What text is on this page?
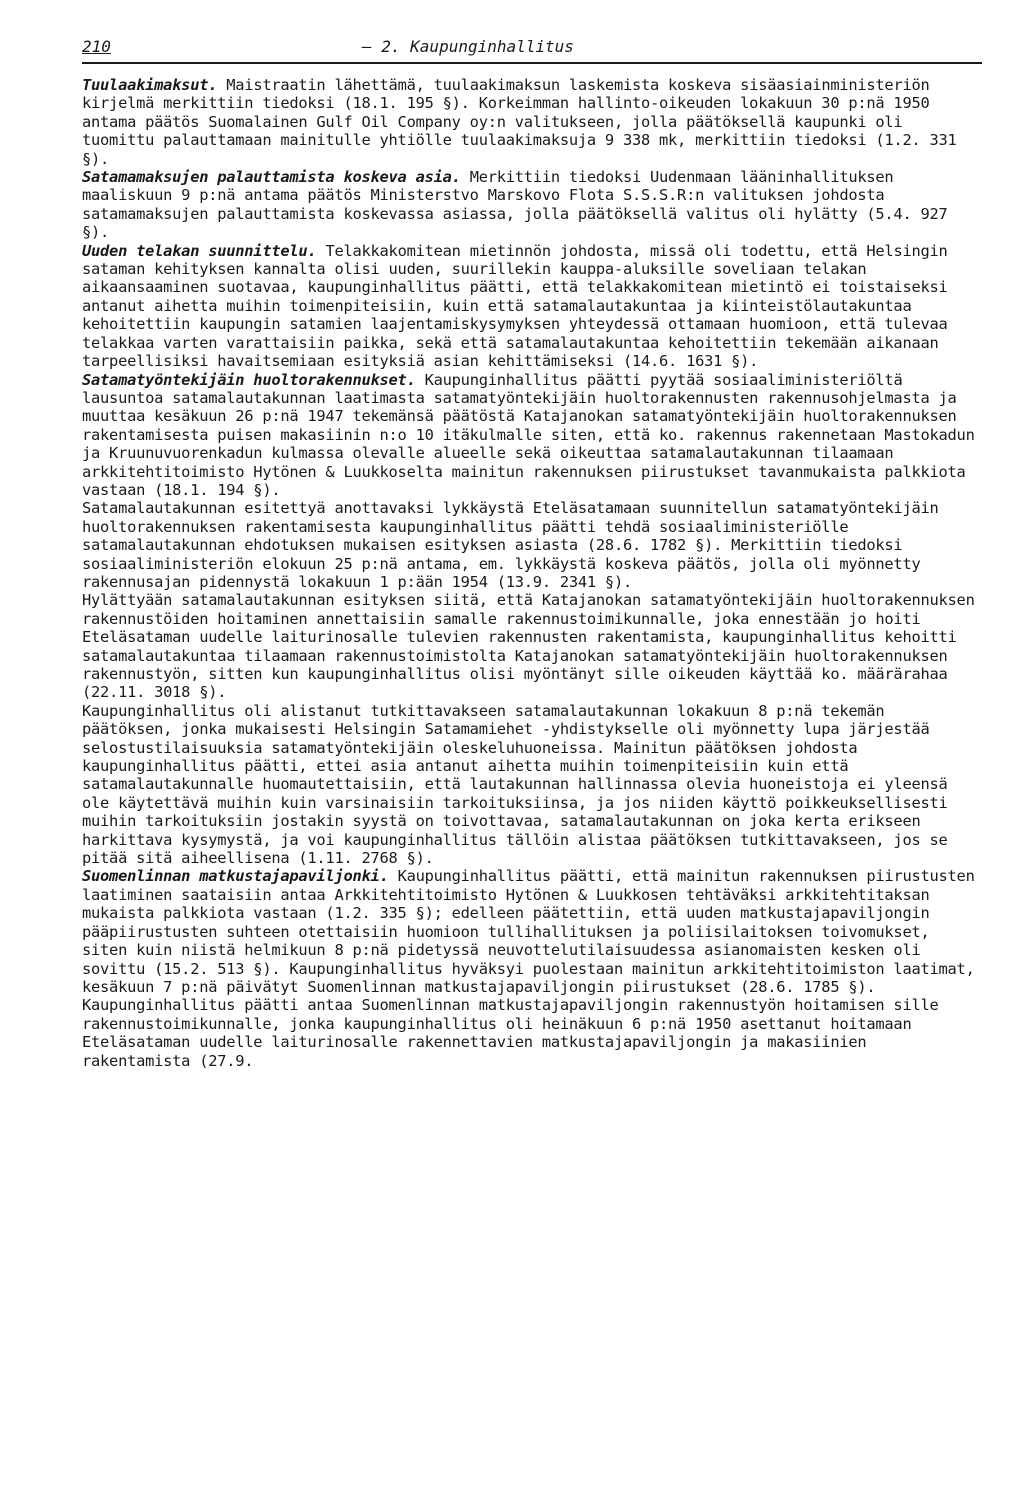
210	– 2. Kaupunginhallitus

Tuulaakimaksut. Maistraatin lähettämä, tuulaakimaksun laskemista koskeva sisäasiainministeriön kirjelmä merkittiin tiedoksi (18.1. 195 §). Korkeimman hallinto-oikeuden lokakuun 30 p:nä 1950 antama päätös Suomalainen Gulf Oil Company oy:n valitukseen, jolla päätöksellä kaupunki oli tuomittu palauttamaan mainitulle yhtiölle tuulaakimaksuja 9 338 mk, merkittiin tiedoksi (1.2. 331 §).

Satamamaksujen palauttamista koskeva asia. Merkittiin tiedoksi Uudenmaan lääninhallituksen maaliskuun 9 p:nä antama päätös Ministerstvo Marskovo Flota S.S.S.R:n valituksen johdosta satamamaksujen palauttamista koskevassa asiassa, jolla päätöksellä valitus oli hylätty (5.4. 927 §).

Uuden telakan suunnittelu. Telakkakomitean mietinnön johdosta, missä oli todettu, että Helsingin sataman kehityksen kannalta olisi uuden, suurillekin kauppa-aluksille soveliaan telakan aikaansaaminen suotavaa, kaupunginhallitus päätti, että telakkakomitean mietintö ei toistaiseksi antanut aihetta muihin toimenpiteisiin, kuin että satamalautakuntaa ja kiinteistölautakuntaa kehoitettiin kaupungin satamien laajentamiskysymyksen yhteydessä ottamaan huomioon, että tulevaa telakkaa varten varattaisiin paikka, sekä että satamalautakuntaa kehoitettiin tekemään aikanaan tarpeellisiksi havaitsemiaan esityksiä asian kehittämiseksi (14.6. 1631 §).

Satamatyöntekijäin huoltorakennukset. Kaupunginhallitus päätti pyytää sosiaaliministeriöltä lausuntoa satamalautakunnan laatimasta satamatyöntekijäin huoltorakennusten rakennusohjelmasta ja muuttaa kesäkuun 26 p:nä 1947 tekemänsä päätöstä Katajanokan satamatyöntekijäin huoltorakennuksen rakentamisesta puisen makasiinin n:o 10 itäkulmalle siten, että ko. rakennus rakennetaan Mastokadun ja Kruunuvuorenkadun kulmassa olevalle alueelle sekä oikeuttaa satamalautakunnan tilaamaan arkkitehtitoimisto Hytönen & Luukkoselta mainitun rakennuksen piirustukset tavanmukaista palkkiota vastaan (18.1. 194 §).

Satamalautakunnan esitettyä anottavaksi lykkäystä Eteläsatamaan suunnitellun satamatyöntekijäin huoltorakennuksen rakentamisesta kaupunginhallitus päätti tehdä sosiaaliministeriölle satamalautakunnan ehdotuksen mukaisen esityksen asiasta (28.6. 1782 §). Merkittiin tiedoksi sosiaaliministeriön elokuun 25 p:nä antama, em. lykkäystä koskeva päätös, jolla oli myönnetty rakennusajan pidennystä lokakuun 1 p:ään 1954 (13.9. 2341 §).

Hylättyään satamalautakunnan esityksen siitä, että Katajanokan satamatyöntekijäin huoltorakennuksen rakennustöiden hoitaminen annettaisiin samalle rakennustoimikunnalle, joka ennestään jo hoiti Eteläsataman uudelle laiturinosalle tulevien rakennusten rakentamista, kaupunginhallitus kehoitti satamalautakuntaa tilaamaan rakennustoimistolta Katajanokan satamatyöntekijäin huoltorakennuksen rakennustyön, sitten kun kaupunginhallitus olisi myöntänyt sille oikeuden käyttää ko. määrärahaa (22.11. 3018 §).

Kaupunginhallitus oli alistanut tutkittavakseen satamalautakunnan lokakuun 8 p:nä tekemän päätöksen, jonka mukaisesti Helsingin Satamamiehet -yhdistykselle oli myönnetty lupa järjestää selostustilaisuuksia satamatyöntekijäin oleskeluhuoneissa. Mainitun päätöksen johdosta kaupunginhallitus päätti, ettei asia antanut aihetta muihin toimenpiteisiin kuin että satamalautakunnalle huomautettaisiin, että lautakunnan hallinnassa olevia huoneistoja ei yleensä ole käytettävä muihin kuin varsinaisiin tarkoituksiinsa, ja jos niiden käyttö poikkeuksellisesti muihin tarkoituksiin jostakin syystä on toivottavaa, satamalautakunnan on joka kerta erikseen harkittava kysymystä, ja voi kaupunginhallitus tällöin alistaa päätöksen tutkittavakseen, jos se pitää sitä aiheellisena (1.11. 2768 §).

Suomenlinnan matkustajapaviljonki. Kaupunginhallitus päätti, että mainitun rakennuksen piirustusten laatiminen saataisiin antaa Arkkitehtitoimisto Hytönen & Luukkosen tehtäväksi arkkitehtitaksan mukaista palkkiota vastaan (1.2. 335 §); edelleen päätettiin, että uuden matkustajapaviljongin pääpiirustusten suhteen otettaisiin huomioon tullihallituksen ja poliisilaitoksen toivomukset, siten kuin niistä helmikuun 8 p:nä pidetyssä neuvottelutilaisuudessa asianomaisten kesken oli sovittu (15.2. 513 §). Kaupunginhallitus hyväksyi puolestaan mainitun arkkitehtitoimiston laatimat, kesäkuun 7 p:nä päivätyt Suomenlinnan matkustajapaviljongin piirustukset (28.6. 1785 §).

Kaupunginhallitus päätti antaa Suomenlinnan matkustajapaviljongin rakennustyön hoitamisen sille rakennustoimikunnalle, jonka kaupunginhallitus oli heinäkuun 6 p:nä 1950 asettanut hoitamaan Eteläsataman uudelle laiturinosalle rakennettavien matkustajapaviljongin ja makasiinien rakentamista (27.9.
